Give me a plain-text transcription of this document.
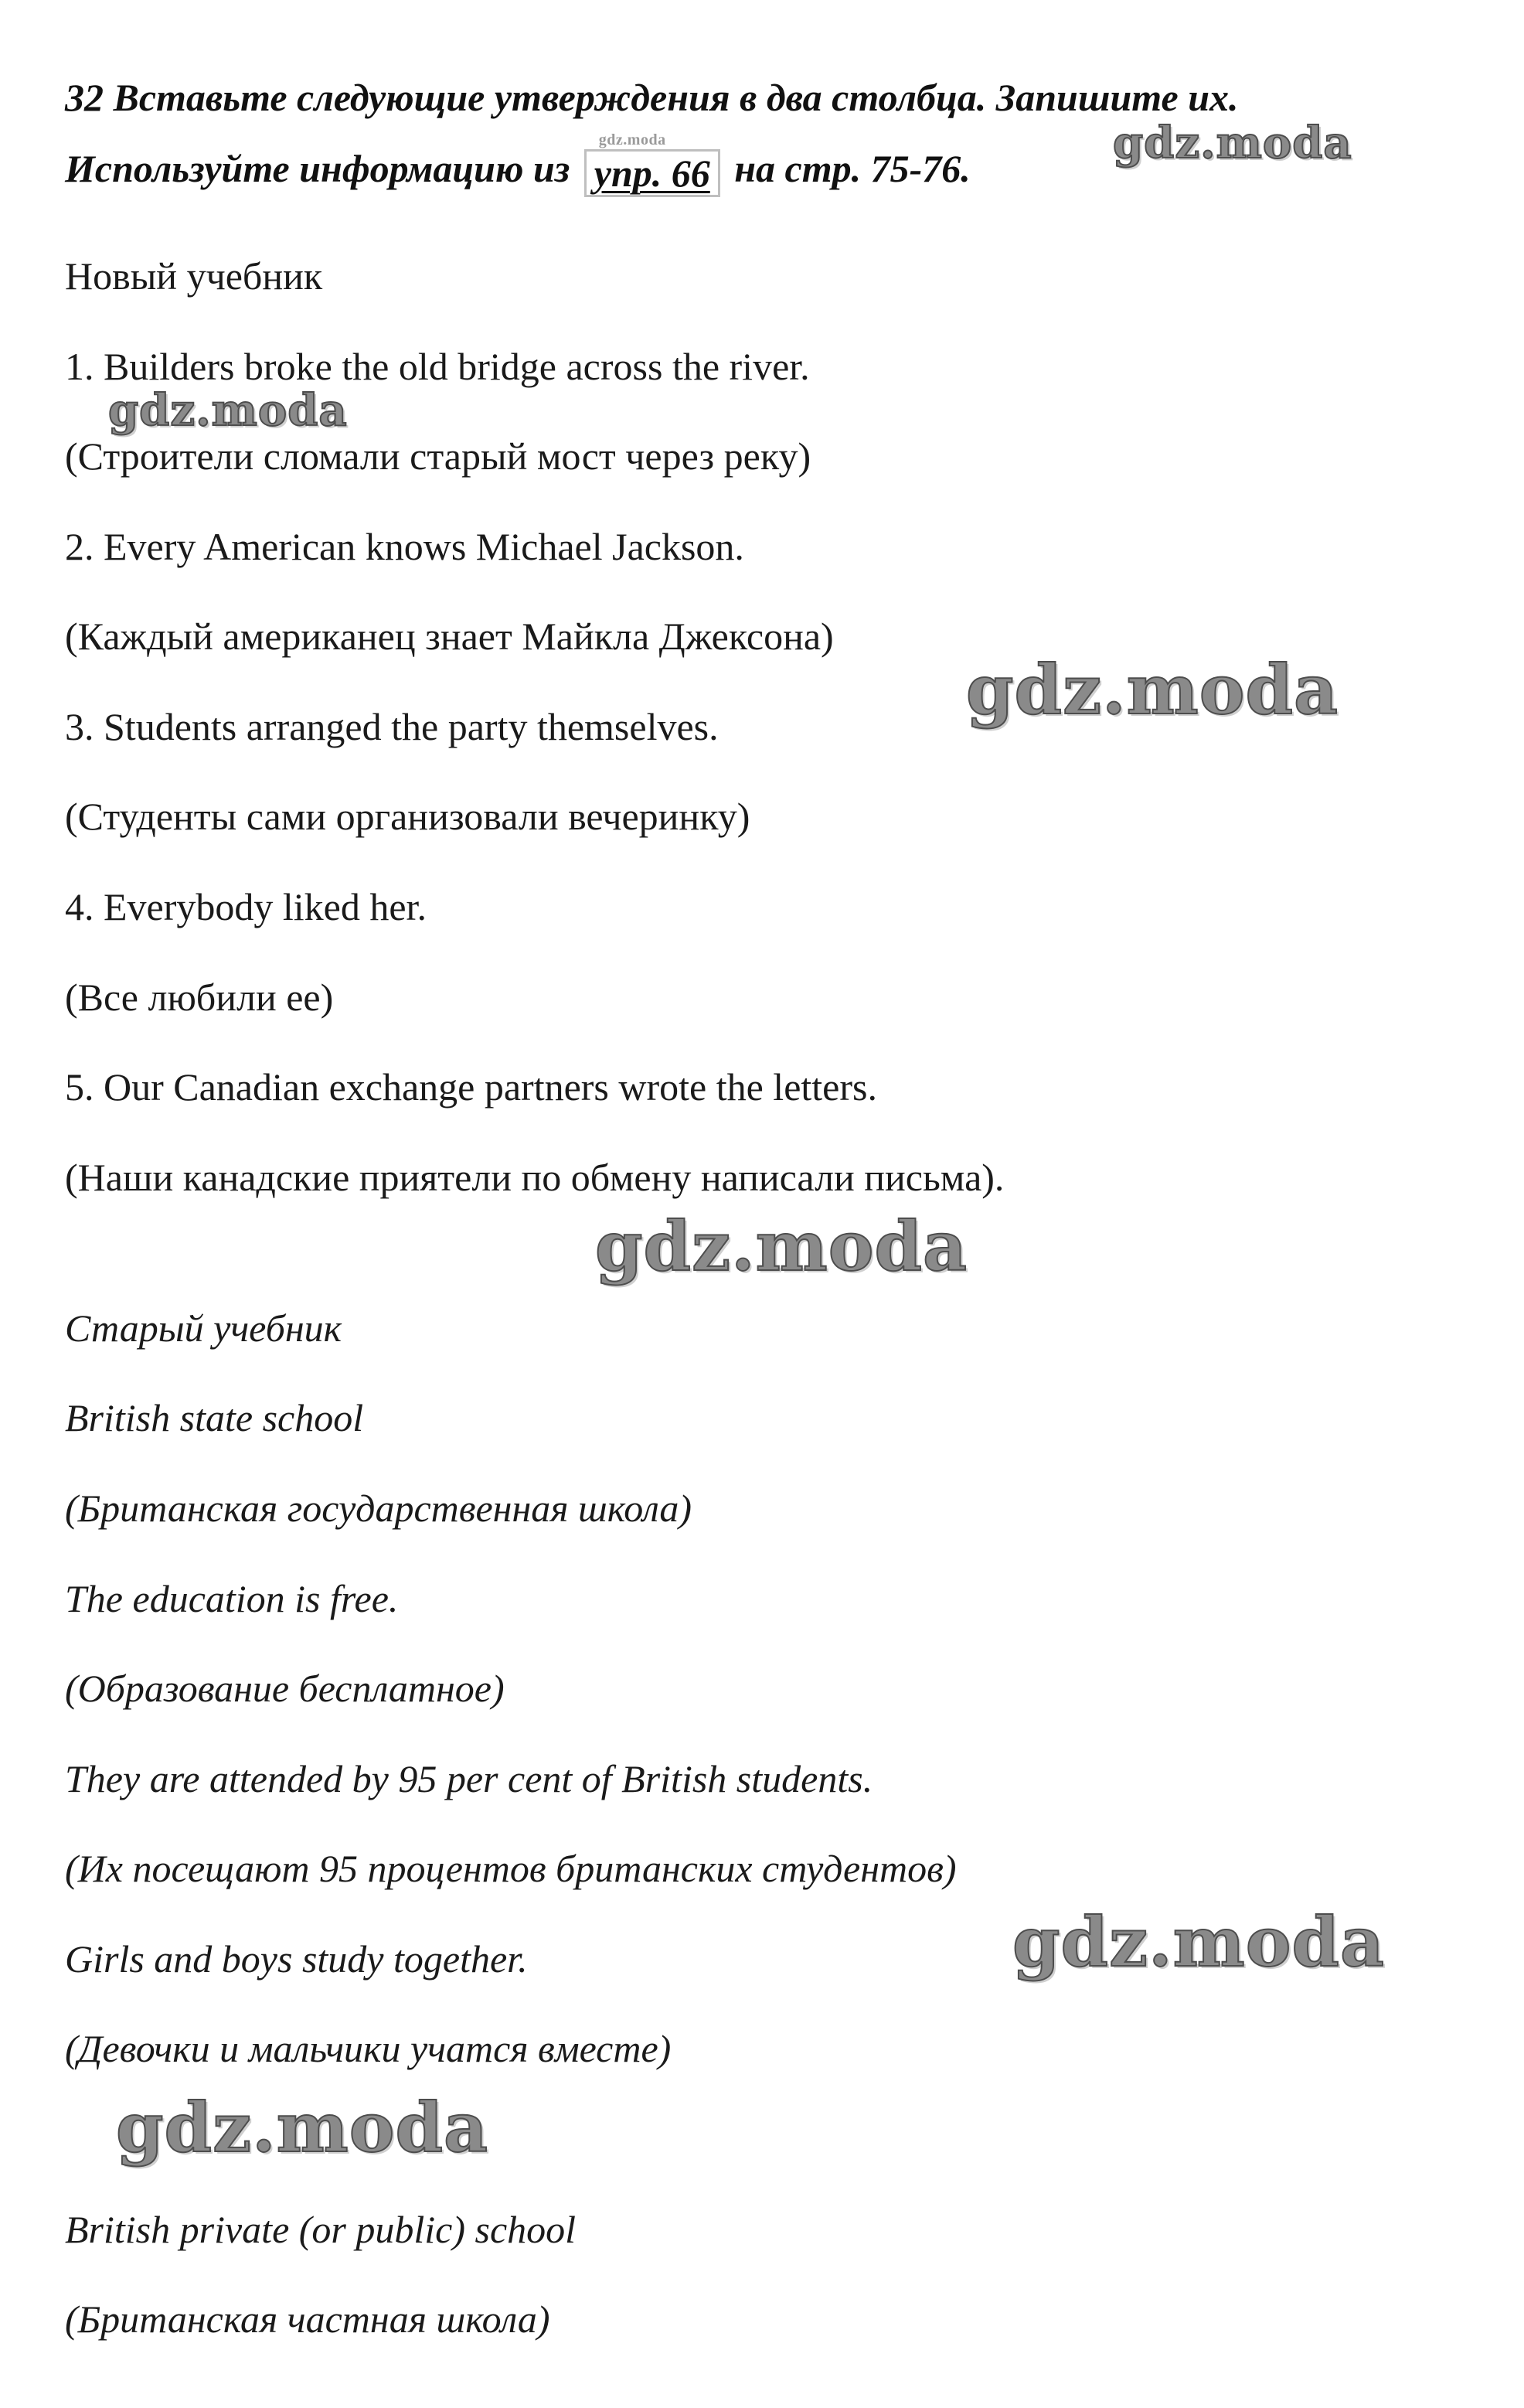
32 Вставьте следующие утверждения в два столбца. Запишите их.
Используйте информацию из
gdz.moda
упр. 66 на стр. 75-76.
Новый учебник
1. Builders broke the old bridge across the river.
(Строители сломали старый мост через реку)
2. Every American knows Michael Jackson.
(Каждый американец знает Майкла Джексона)
3. Students arranged the party themselves.
(Студенты сами организовали вечеринку)
4. Everybody liked her.
(Все любили ее)
5. Our Canadian exchange partners wrote the letters.
(Наши канадские приятели по обмену написали письма).
Старый учебник
British state school
(Британская государственная школа)
The education is free.
(Образование бесплатное)
They are attended by 95 per cent of British students.
(Их посещают 95 процентов британских студентов)
Girls and boys study together.
(Девочки и мальчики учатся вместе)
British private (or public) school
(Британская частная школа)
gdz.moda
gdz.moda
gdz.moda
gdz.moda
gdz.moda
gdz.moda
